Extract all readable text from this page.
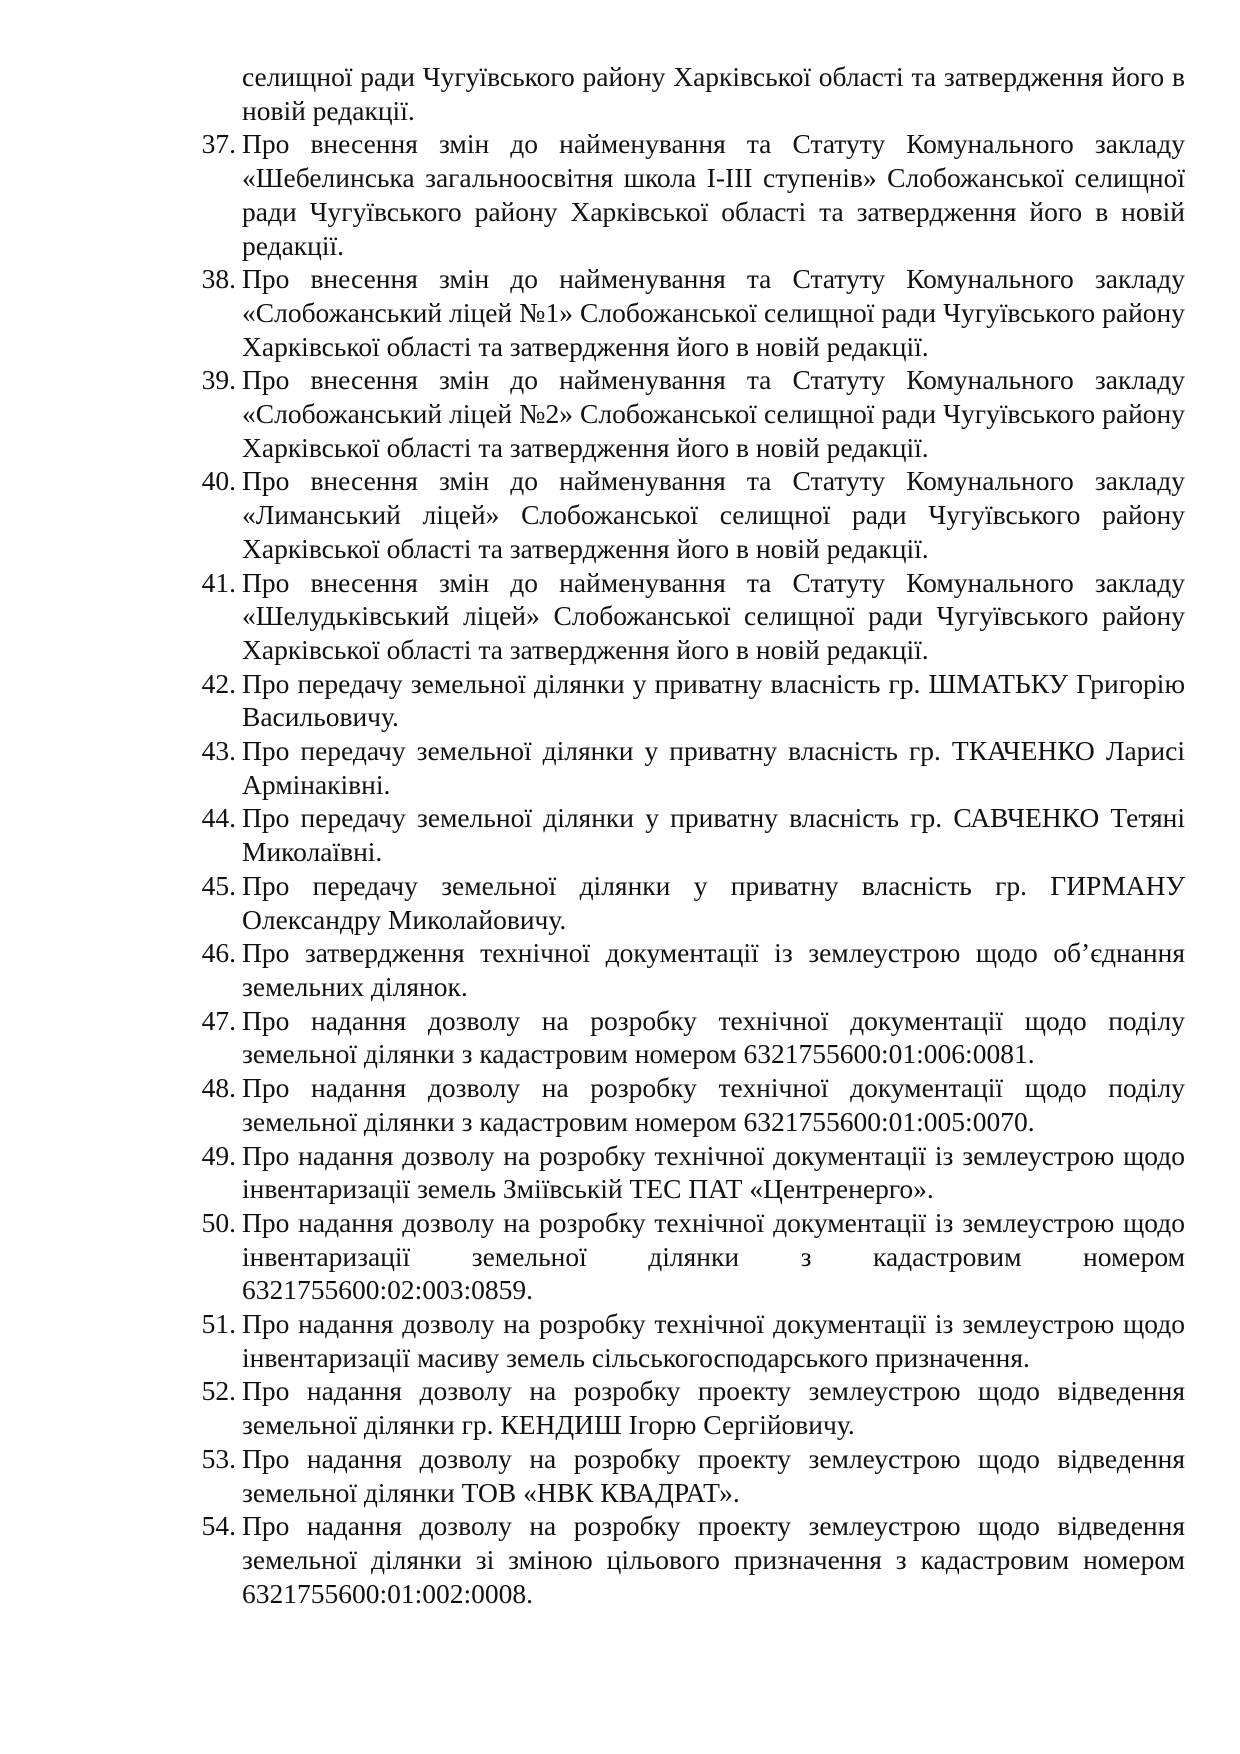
селищної ради Чугуївського району Харківської області та затвердження його в новій редакції.
37. Про внесення змін до найменування та Статуту Комунального закладу «Шебелинська загальноосвітня школа І-ІІІ ступенів» Слобожанської селищної ради Чугуївського району Харківської області та затвердження його в новій редакції.
38. Про внесення змін до найменування та Статуту Комунального закладу «Слобожанський ліцей №1» Слобожанської селищної ради Чугуївського району Харківської області та затвердження його в новій редакції.
39. Про внесення змін до найменування та Статуту Комунального закладу «Слобожанський ліцей №2» Слобожанської селищної ради Чугуївського району Харківської області та затвердження його в новій редакції.
40. Про внесення змін до найменування та Статуту Комунального закладу «Лиманський ліцей» Слобожанської селищної ради Чугуївського району Харківської області та затвердження його в новій редакції.
41. Про внесення змін до найменування та Статуту Комунального закладу «Шелудьківський ліцей» Слобожанської селищної ради Чугуївського району Харківської області та затвердження його в новій редакції.
42. Про передачу земельної ділянки у приватну власність гр. ШМАТЬКУ Григорію Васильовичу.
43. Про передачу земельної ділянки у приватну власність гр. ТКАЧЕНКО Ларисі Армінаківні.
44. Про передачу земельної ділянки у приватну власність гр. САВЧЕНКО Тетяні Миколаївні.
45. Про передачу земельної ділянки у приватну власність гр. ГИРМАНУ Олександру Миколайовичу.
46. Про затвердження технічної документації із землеустрою щодо об’єднання земельних ділянок.
47. Про надання дозволу на розробку технічної документації щодо поділу земельної ділянки з кадастровим номером 6321755600:01:006:0081.
48. Про надання дозволу на розробку технічної документації щодо поділу земельної ділянки з кадастровим номером 6321755600:01:005:0070.
49. Про надання дозволу на розробку технічної документації із землеустрою щодо інвентаризації земель Зміївській ТЕС ПАТ «Центренерго».
50. Про надання дозволу на розробку технічної документації із землеустрою щодо інвентаризації земельної ділянки з кадастровим номером 6321755600:02:003:0859.
51. Про надання дозволу на розробку технічної документації із землеустрою щодо інвентаризації масиву земель сільськогосподарського призначення.
52. Про надання дозволу на розробку проекту землеустрою щодо відведення земельної ділянки гр. КЕНДИШ Ігорю Сергійовичу.
53. Про надання дозволу на розробку проекту землеустрою щодо відведення земельної ділянки ТОВ «НВК КВАДРАТ».
54. Про надання дозволу на розробку проекту землеустрою щодо відведення земельної ділянки зі зміною цільового призначення з кадастровим номером 6321755600:01:002:0008.
